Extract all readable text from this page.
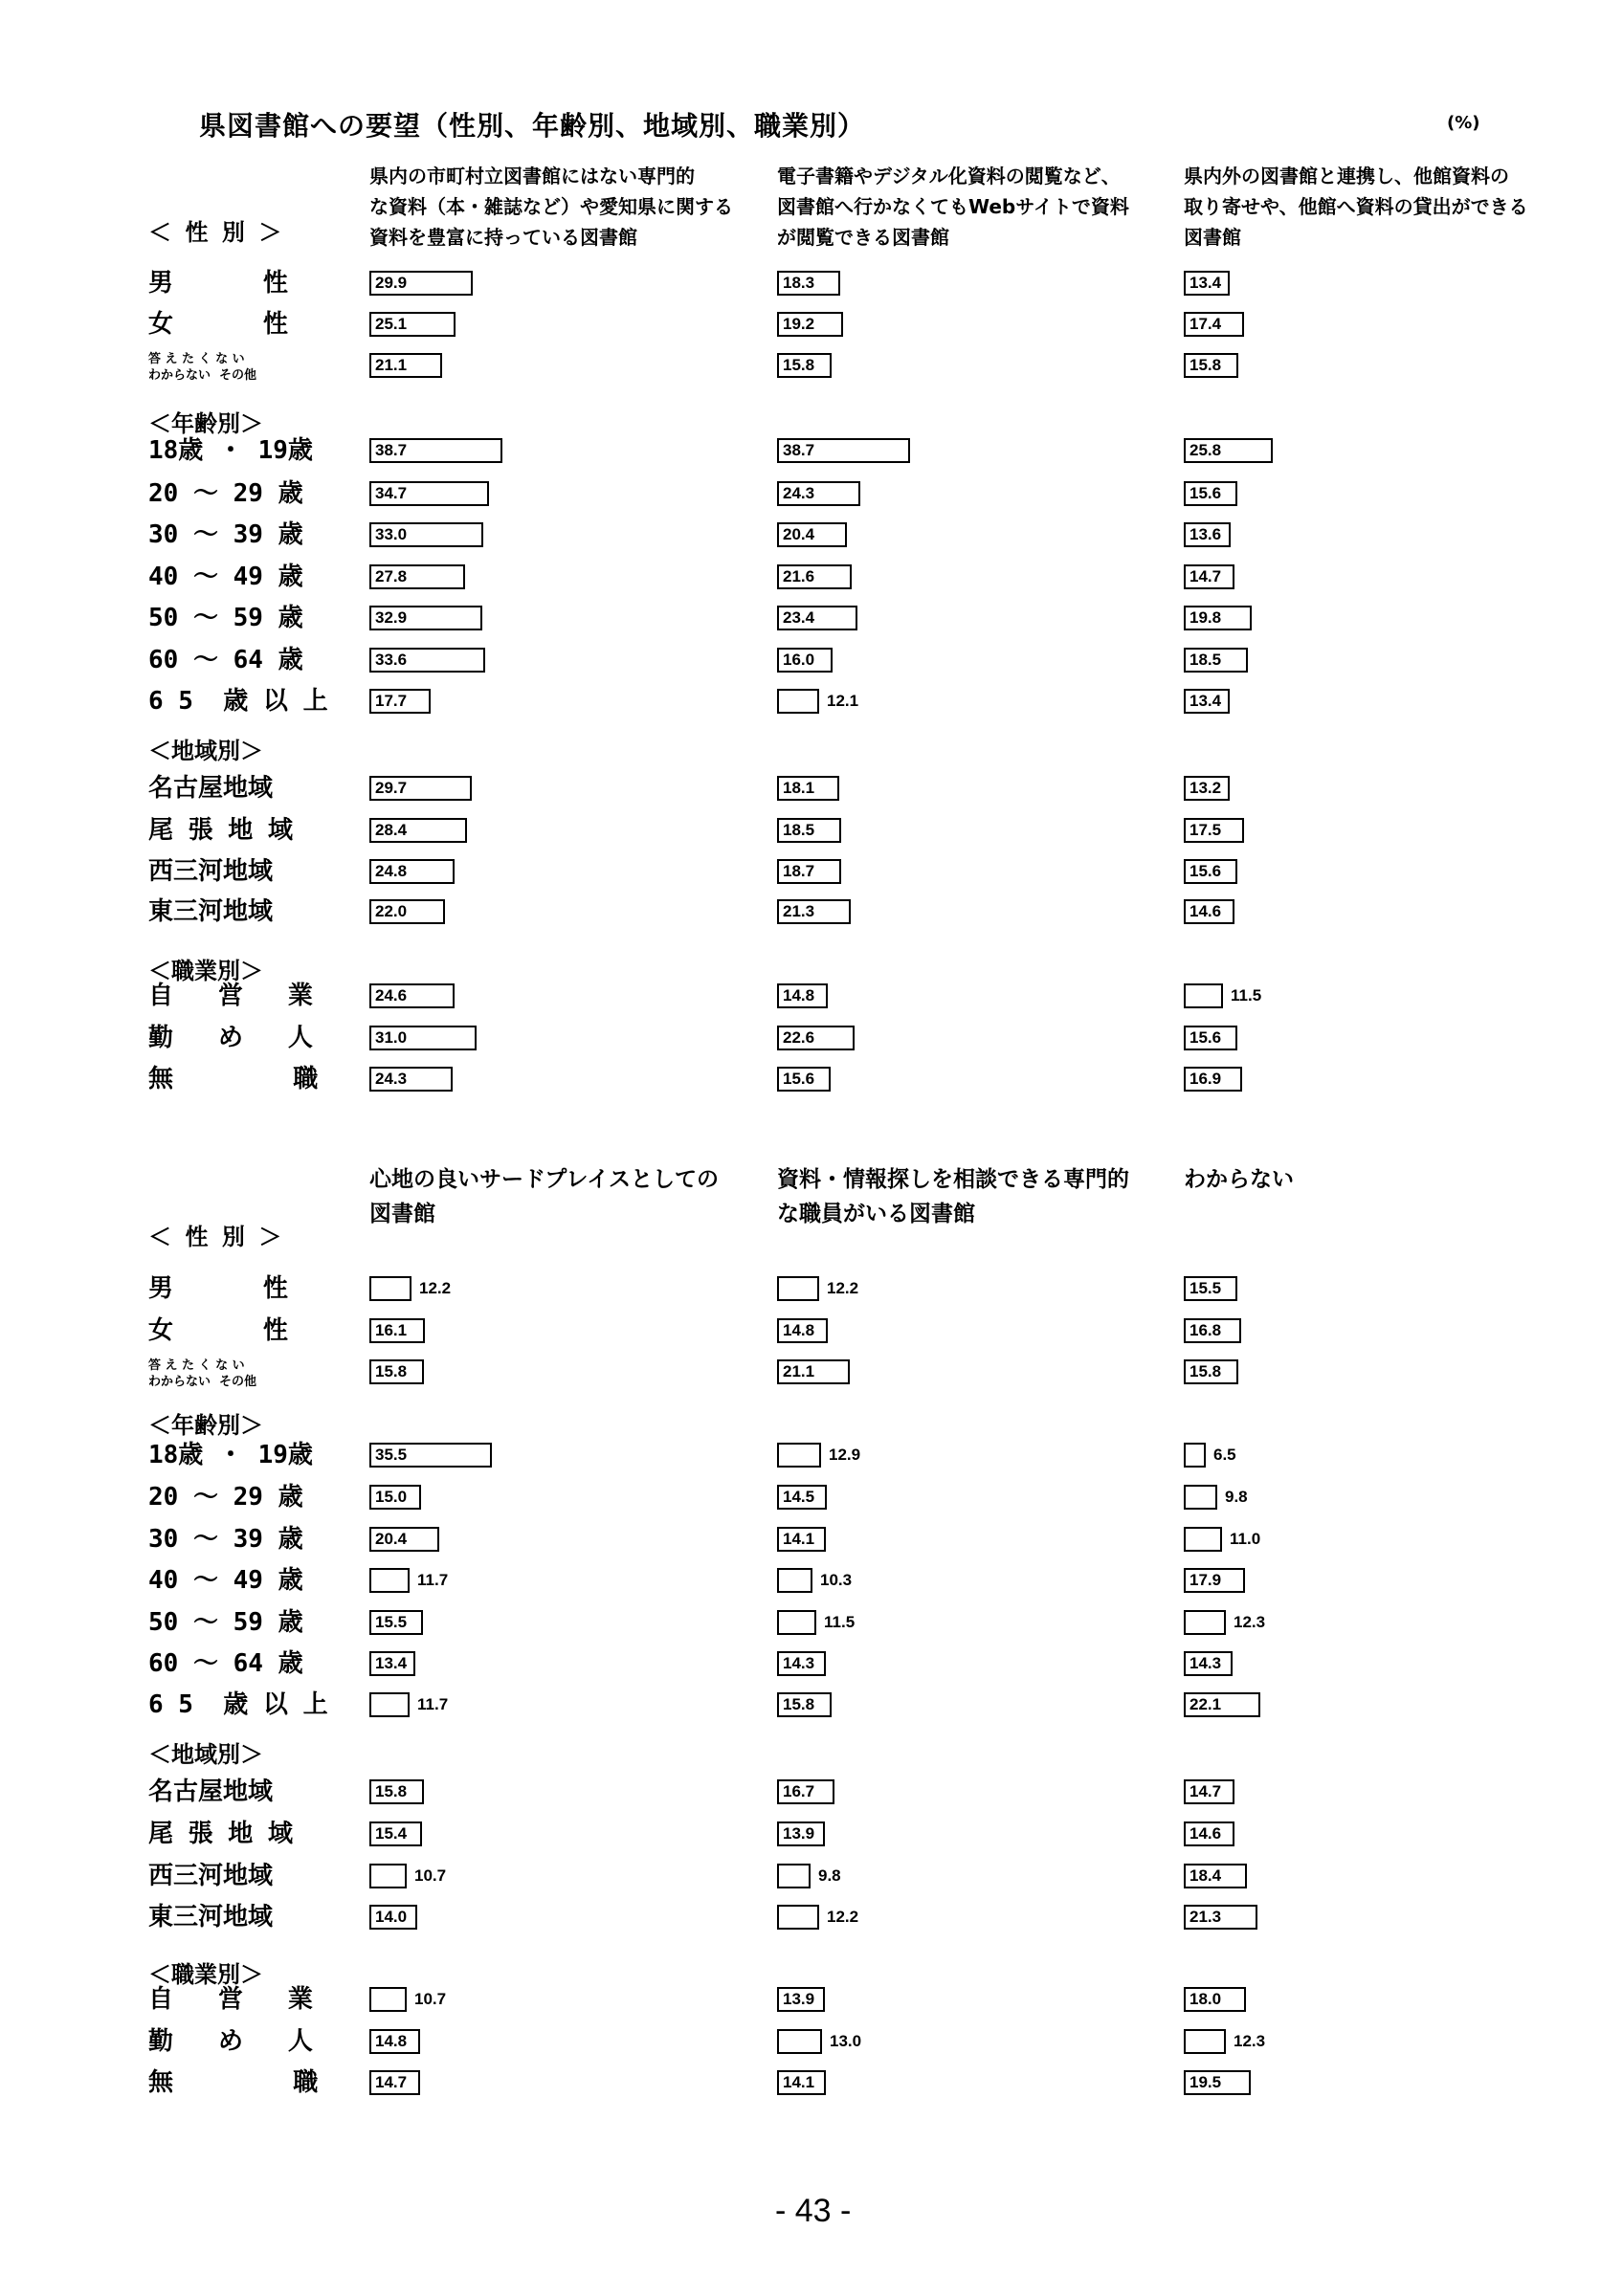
県図書館への要望（性別、年齢別、地域別、職業別）	(%)
- 43 -
県内の市町村立図書館にはない専門的
な資料（本・雑誌など）や愛知県に関する
資料を豊富に持っている図書館
電子書籍やデジタル化資料の閲覧など、
図書館へ行かなくてもWebサイトで資料
が閲覧できる図書館
県内外の図書館と連携し、他館資料の
取り寄せや、他館へ資料の貸出ができる
図書館
＜ 性 別 ＞
＜年齢別＞
＜地域別＞
＜職業別＞
男      性
女      性
答 え た く な い
わからない  その他
18歳 ・ 19歳
20 ～ 29 歳
30 ～ 39 歳
40 ～ 49 歳
50 ～ 59 歳
60 ～ 64 歳
6 5  歳 以 上
名古屋地域
尾 張 地 域
西三河地域
東三河地域
自   営   業
勤   め   人
無        職
29.9
25.1
21.1
38.7
34.7
33.0
27.8
32.9
33.6
17.7
29.7
28.4
24.8
22.0
24.6
31.0
24.3
18.3
19.2
15.8
38.7
24.3
20.4
21.6
23.4
16.0
12.1
18.1
18.5
18.7
21.3
14.8
22.6
15.6
13.4
17.4
15.8
25.8
15.6
13.6
14.7
19.8
18.5
13.4
13.2
17.5
15.6
14.6
11.5
15.6
16.9
心地の良いサードプレイスとしての
図書館
資料・情報探しを相談できる専門的
な職員がいる図書館
わからない
＜ 性 別 ＞
＜年齢別＞
＜地域別＞
＜職業別＞
男      性
女      性
答 え た く な い
わからない  その他
18歳 ・ 19歳
20 ～ 29 歳
30 ～ 39 歳
40 ～ 49 歳
50 ～ 59 歳
60 ～ 64 歳
6 5  歳 以 上
名古屋地域
尾 張 地 域
西三河地域
東三河地域
自   営   業
勤   め   人
無        職
12.2
16.1
15.8
35.5
15.0
20.4
11.7
15.5
13.4
11.7
15.8
15.4
10.7
14.0
10.7
14.8
14.7
12.2
14.8
21.1
12.9
14.5
14.1
10.3
11.5
14.3
15.8
16.7
13.9
9.8
12.2
13.9
13.0
14.1
15.5
16.8
15.8
6.5
9.8
11.0
17.9
12.3
14.3
22.1
14.7
14.6
18.4
21.3
18.0
12.3
19.5
